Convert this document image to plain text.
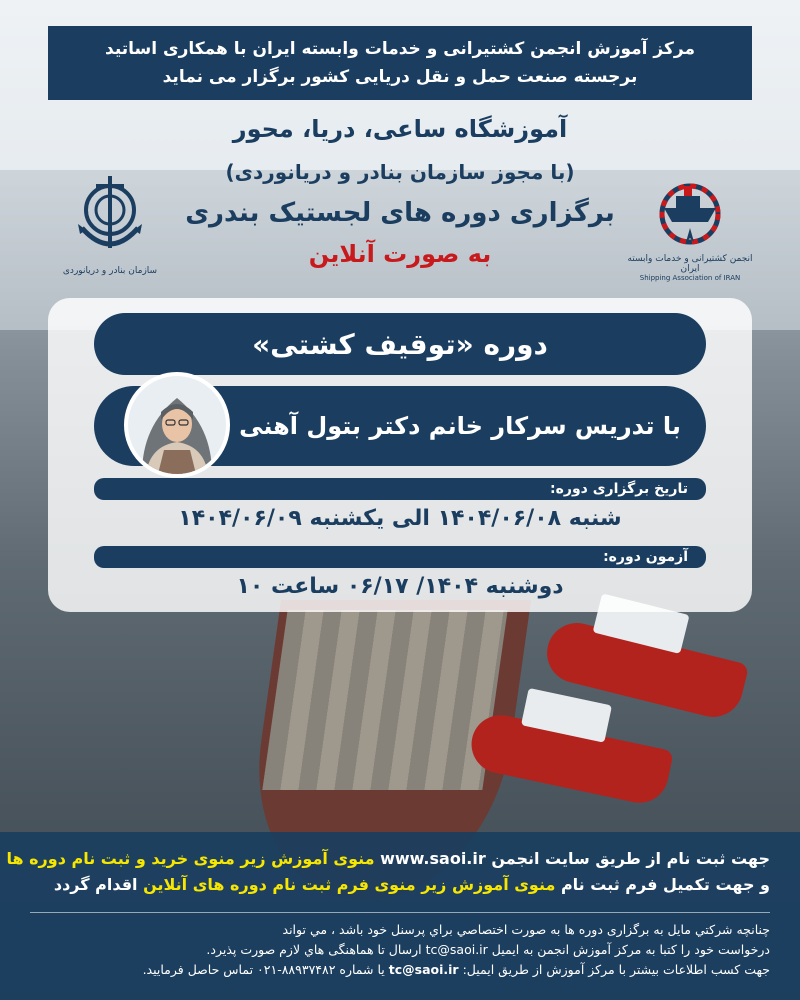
مرکز آموزش انجمن کشتیرانی و خدمات وابسته ایران با همکاری اساتید
برجسته صنعت حمل و نقل دریایی کشور برگزار می نماید
آموزشگاه ساعی، دریا، محور
(با مجوز سازمان بنادر و دریانوردی)
برگزاری دوره های لجستیک بندری
به صورت آنلاین	انجمن کشتیرانی و خدمات وابسته ایران
Shipping Association of IRAN
سازمان بنادر و دریانوردی
دوره «توقیف کشتی»
با تدریس سرکار خانم دکتر بتول آهنی
تاریخ برگزاری دوره:
شنبه ۱۴۰۴/۰۶/۰۸ الی یکشنبه ۱۴۰۴/۰۶/۰۹
آزمون دوره:
دوشنبه ۱۴۰۴/ ۰۶/۱۷ ساعت ۱۰
جهت ثبت نام از طریق سایت انجمن www.saoi.ir منوی آموزش زیر منوی خرید و ثبت نام دوره ها
و جهت تکمیل فرم ثبت نام منوی آموزش زیر منوی فرم ثبت نام دوره های آنلاین اقدام گردد
چنانچه شرکتي مايل به برگزاری دوره ها به صورت اختصاصي براي پرسنل خود باشد ، مي تواند
درخواست خود را کتبا به مرکز آموزش انجمن به ایمیل tc@saoi.ir ارسال تا هماهنگی هاي لازم صورت پذيرد.
جهت کسب اطلاعات بیشتر با مرکز آموزش از طریق ایمیل: tc@saoi.ir یا شماره ۸۸۹۳۷۴۸۲-۰۲۱ تماس حاصل فرمایید.
